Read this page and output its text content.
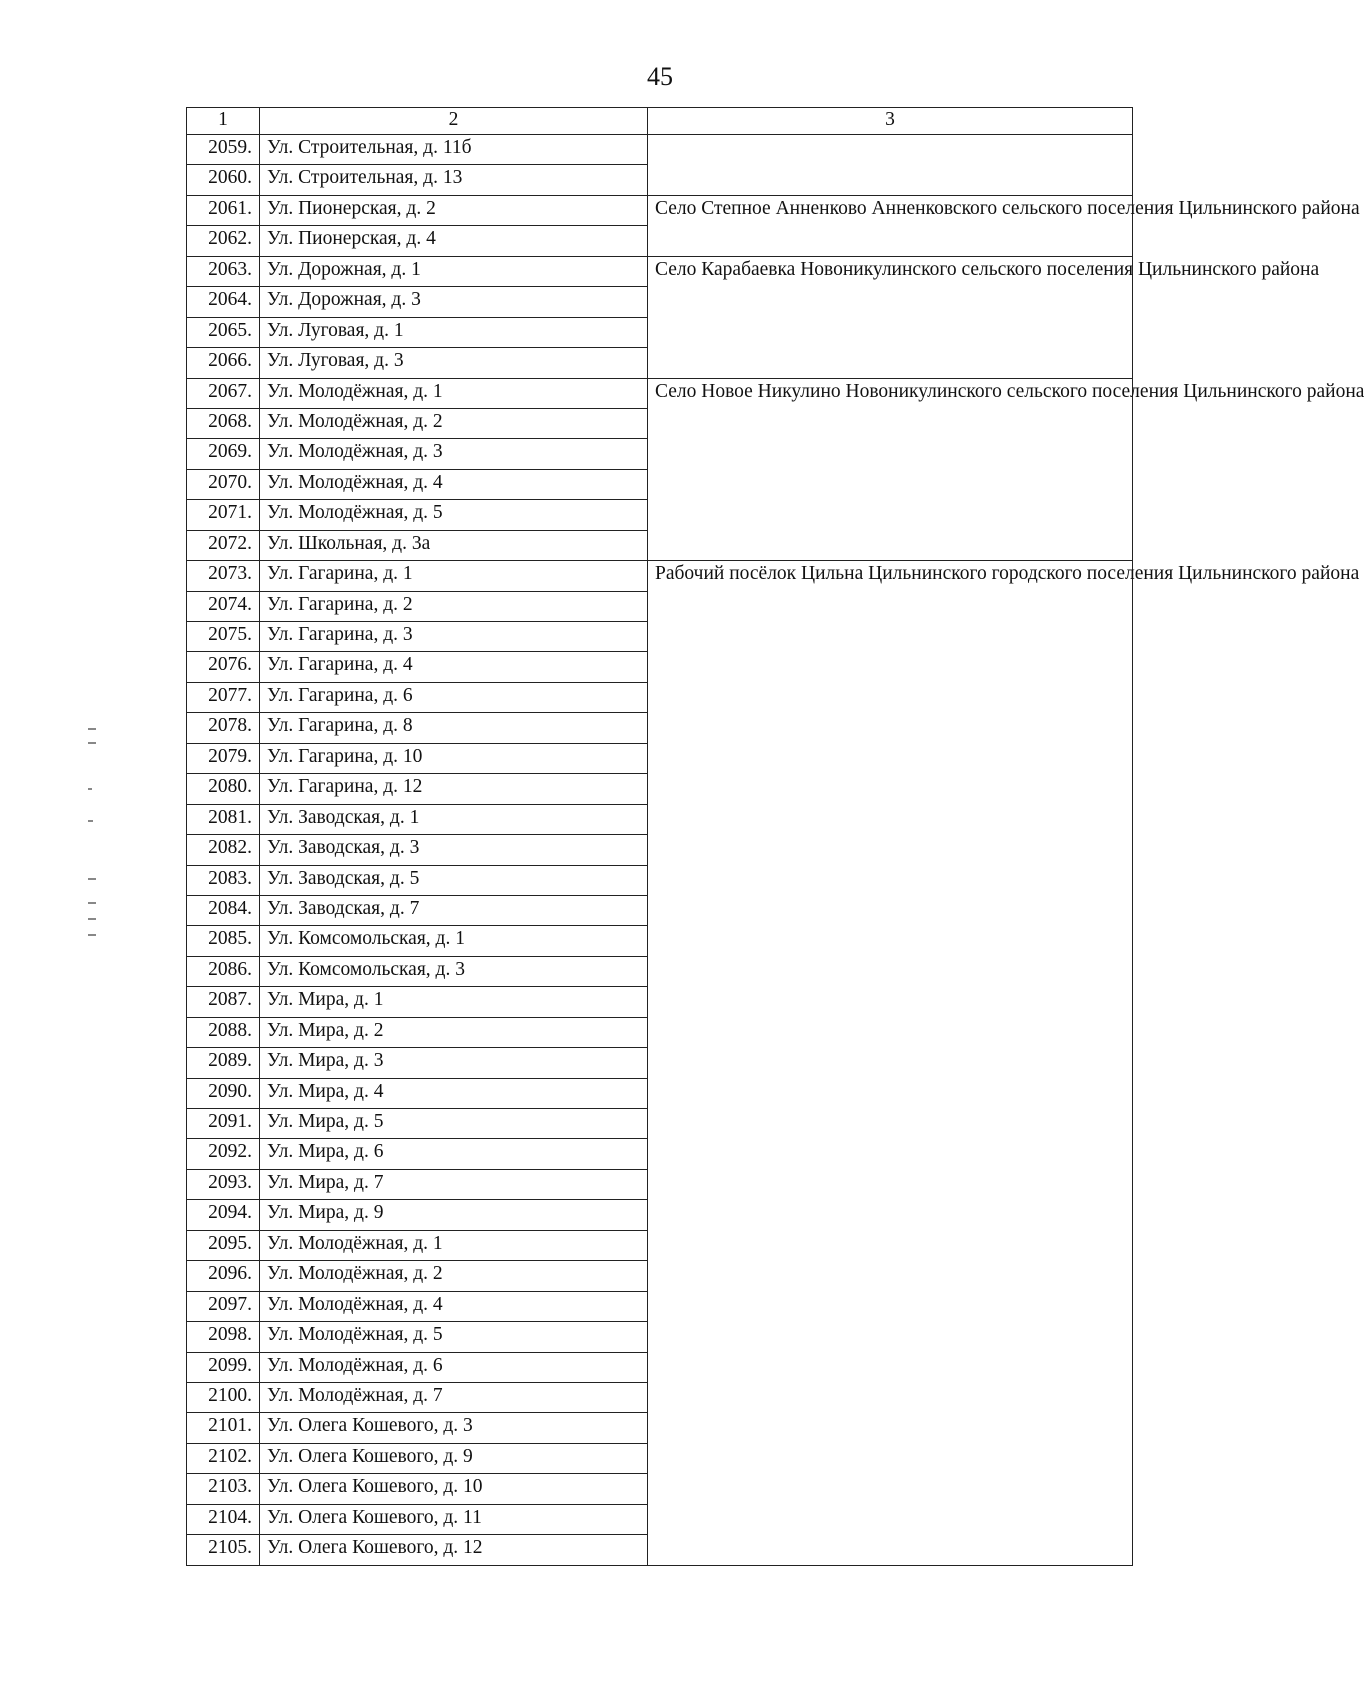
45
1	2	3
2059.	Ул. Строительная, д. 11б	
2060.	Ул. Строительная, д. 13	
2061.	Ул. Пионерская, д. 2	Село Степное Анненково Анненковского сельского поселения Цильнинского района
2062.	Ул. Пионерская, д. 4	
2063.	Ул. Дорожная, д. 1	Село Карабаевка Новоникулинского сельского поселения Цильнинского района
2064.	Ул. Дорожная, д. 3	
2065.	Ул. Луговая, д. 1	
2066.	Ул. Луговая, д. 3	
2067.	Ул. Молодёжная, д. 1	Село Новое Никулино Новоникулинского сельского поселения Цильнинского района
2068.	Ул. Молодёжная, д. 2	
2069.	Ул. Молодёжная, д. 3	
2070.	Ул. Молодёжная, д. 4	
2071.	Ул. Молодёжная, д. 5	
2072.	Ул. Школьная, д. 3а	
2073.	Ул. Гагарина, д. 1	Рабочий посёлок Цильна Цильнинского городского поселения Цильнинского района
2074.	Ул. Гагарина, д. 2	
2075.	Ул. Гагарина, д. 3	
2076.	Ул. Гагарина, д. 4	
2077.	Ул. Гагарина, д. 6	
2078.	Ул. Гагарина, д. 8	
2079.	Ул. Гагарина, д. 10	
2080.	Ул. Гагарина, д. 12	
2081.	Ул. Заводская, д. 1	
2082.	Ул. Заводская, д. 3	
2083.	Ул. Заводская, д. 5	
2084.	Ул. Заводская, д. 7	
2085.	Ул. Комсомольская, д. 1	
2086.	Ул. Комсомольская, д. 3	
2087.	Ул. Мира, д. 1	
2088.	Ул. Мира, д. 2	
2089.	Ул. Мира, д. 3	
2090.	Ул. Мира, д. 4	
2091.	Ул. Мира, д. 5	
2092.	Ул. Мира, д. 6	
2093.	Ул. Мира, д. 7	
2094.	Ул. Мира, д. 9	
2095.	Ул. Молодёжная, д. 1	
2096.	Ул. Молодёжная, д. 2	
2097.	Ул. Молодёжная, д. 4	
2098.	Ул. Молодёжная, д. 5	
2099.	Ул. Молодёжная, д. 6	
2100.	Ул. Молодёжная, д. 7	
2101.	Ул. Олега Кошевого, д. 3	
2102.	Ул. Олега Кошевого, д. 9	
2103.	Ул. Олега Кошевого, д. 10	
2104.	Ул. Олега Кошевого, д. 11	
2105.	Ул. Олега Кошевого, д. 12	
